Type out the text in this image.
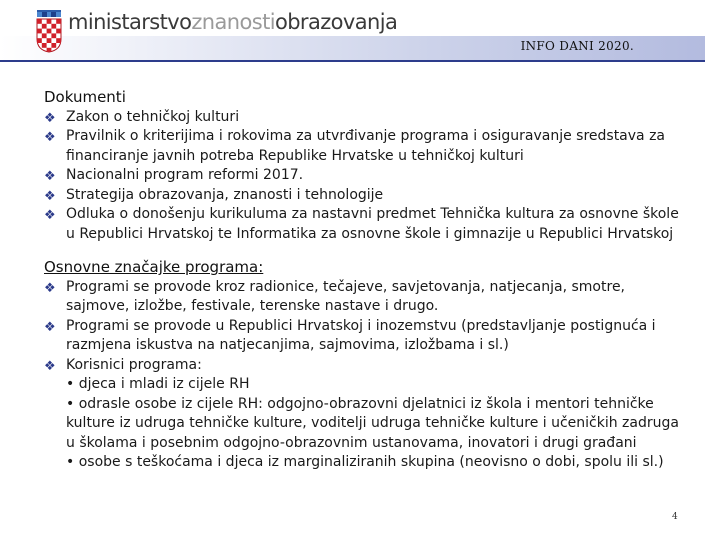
ministarstvoznanostiobrazovanja
INFO DANI 2020.
Dokumenti
❖ Zakon o tehničkoj kulturi
❖ Pravilnik o kriterijima i rokovima za utvrđivanje programa i osiguravanje sredstava za financiranje javnih potreba Republike Hrvatske u tehničkoj kulturi
❖ Nacionalni program reformi 2017.
❖ Strategija obrazovanja, znanosti i tehnologije
❖ Odluka o donošenju kurikuluma za nastavni predmet Tehnička kultura za osnovne škole u Republici Hrvatskoj te Informatika za osnovne škole i gimnazije u Republici Hrvatskoj
Osnovne značajke programa:
❖ Programi se provode kroz radionice, tečajeve, savjetovanja, natjecanja, smotre, sajmove, izložbe, festivale, terenske nastave i drugo.
❖ Programi se provode u Republici Hrvatskoj i inozemstvu (predstavljanje postignuća i razmjena iskustva na natjecanjima, sajmovima, izložbama i sl.)
❖ Korisnici programa:
• djeca i mladi iz cijele RH
• odrasle osobe iz cijele RH: odgojno-obrazovni djelatnici iz škola i mentori tehničke kulture iz udruga tehničke kulture, voditelji udruga tehničke kulture i učeničkih zadruga u školama i posebnim odgojno-obrazovnim ustanovama, inovatori i drugi građani
• osobe s teškoćama i djeca iz marginaliziranih skupina (neovisno o dobi, spolu ili sl.)
4
